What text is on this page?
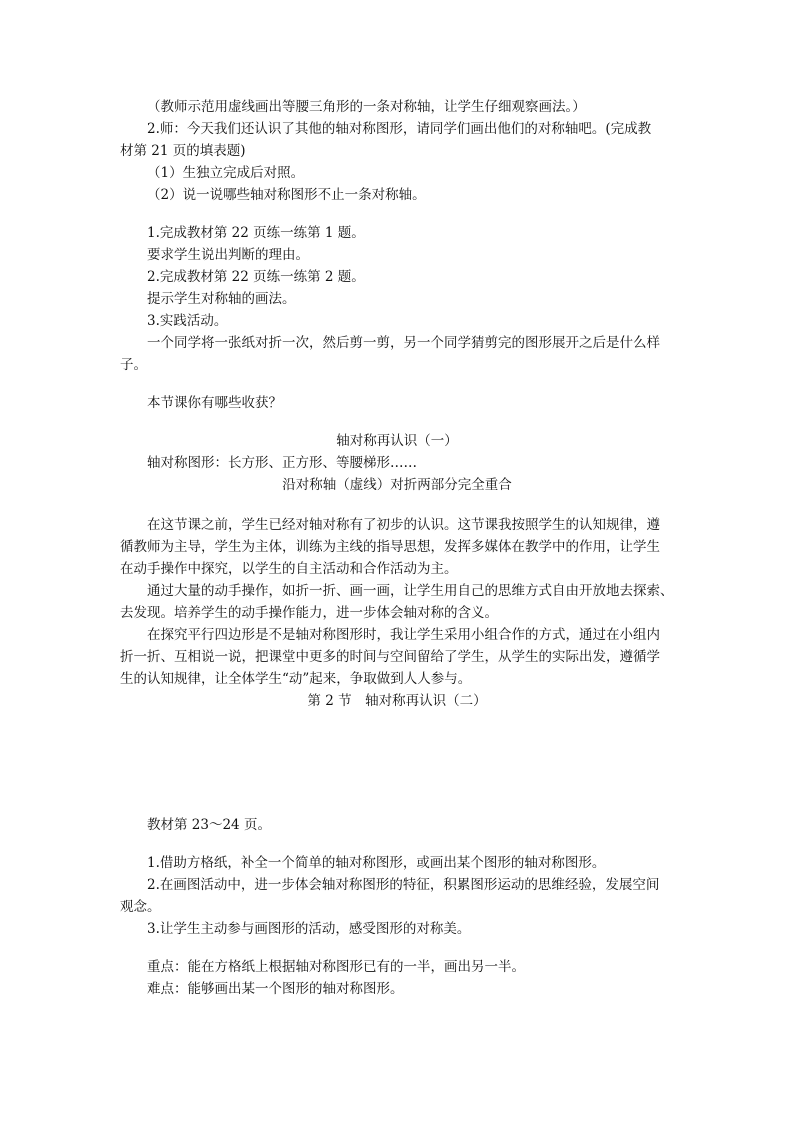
（教师示范用虚线画出等腰三角形的一条对称轴，让学生仔细观察画法。）
2.师：今天我们还认识了其他的轴对称图形，请同学们画出他们的对称轴吧。(完成教
材第 21 页的填表题)
（1）生独立完成后对照。
（2）说一说哪些轴对称图形不止一条对称轴。
1.完成教材第 22 页练一练第 1 题。
要求学生说出判断的理由。
2.完成教材第 22 页练一练第 2 题。
提示学生对称轴的画法。
3.实践活动。
一个同学将一张纸对折一次，然后剪一剪，另一个同学猜剪完的图形展开之后是什么样
子。
本节课你有哪些收获？
轴对称再认识（一）
轴对称图形：长方形、正方形、等腰梯形……
沿对称轴（虚线）对折两部分完全重合
在这节课之前，学生已经对轴对称有了初步的认识。这节课我按照学生的认知规律，遵
循教师为主导，学生为主体，训练为主线的指导思想，发挥多媒体在教学中的作用，让学生
在动手操作中探究，以学生的自主活动和合作活动为主。
通过大量的动手操作，如折一折、画一画，让学生用自己的思维方式自由开放地去探索、
去发现。培养学生的动手操作能力，进一步体会轴对称的含义。
在探究平行四边形是不是轴对称图形时，我让学生采用小组合作的方式，通过在小组内
折一折、互相说一说，把课堂中更多的时间与空间留给了学生，从学生的实际出发，遵循学
生的认知规律，让全体学生“动”起来，争取做到人人参与。
第 2 节　轴对称再认识（二）
教材第 23～24 页。
1.借助方格纸，补全一个简单的轴对称图形，或画出某个图形的轴对称图形。
2.在画图活动中，进一步体会轴对称图形的特征，积累图形运动的思维经验，发展空间
观念。
3.让学生主动参与画图形的活动，感受图形的对称美。
重点：能在方格纸上根据轴对称图形已有的一半，画出另一半。
难点：能够画出某一个图形的轴对称图形。
